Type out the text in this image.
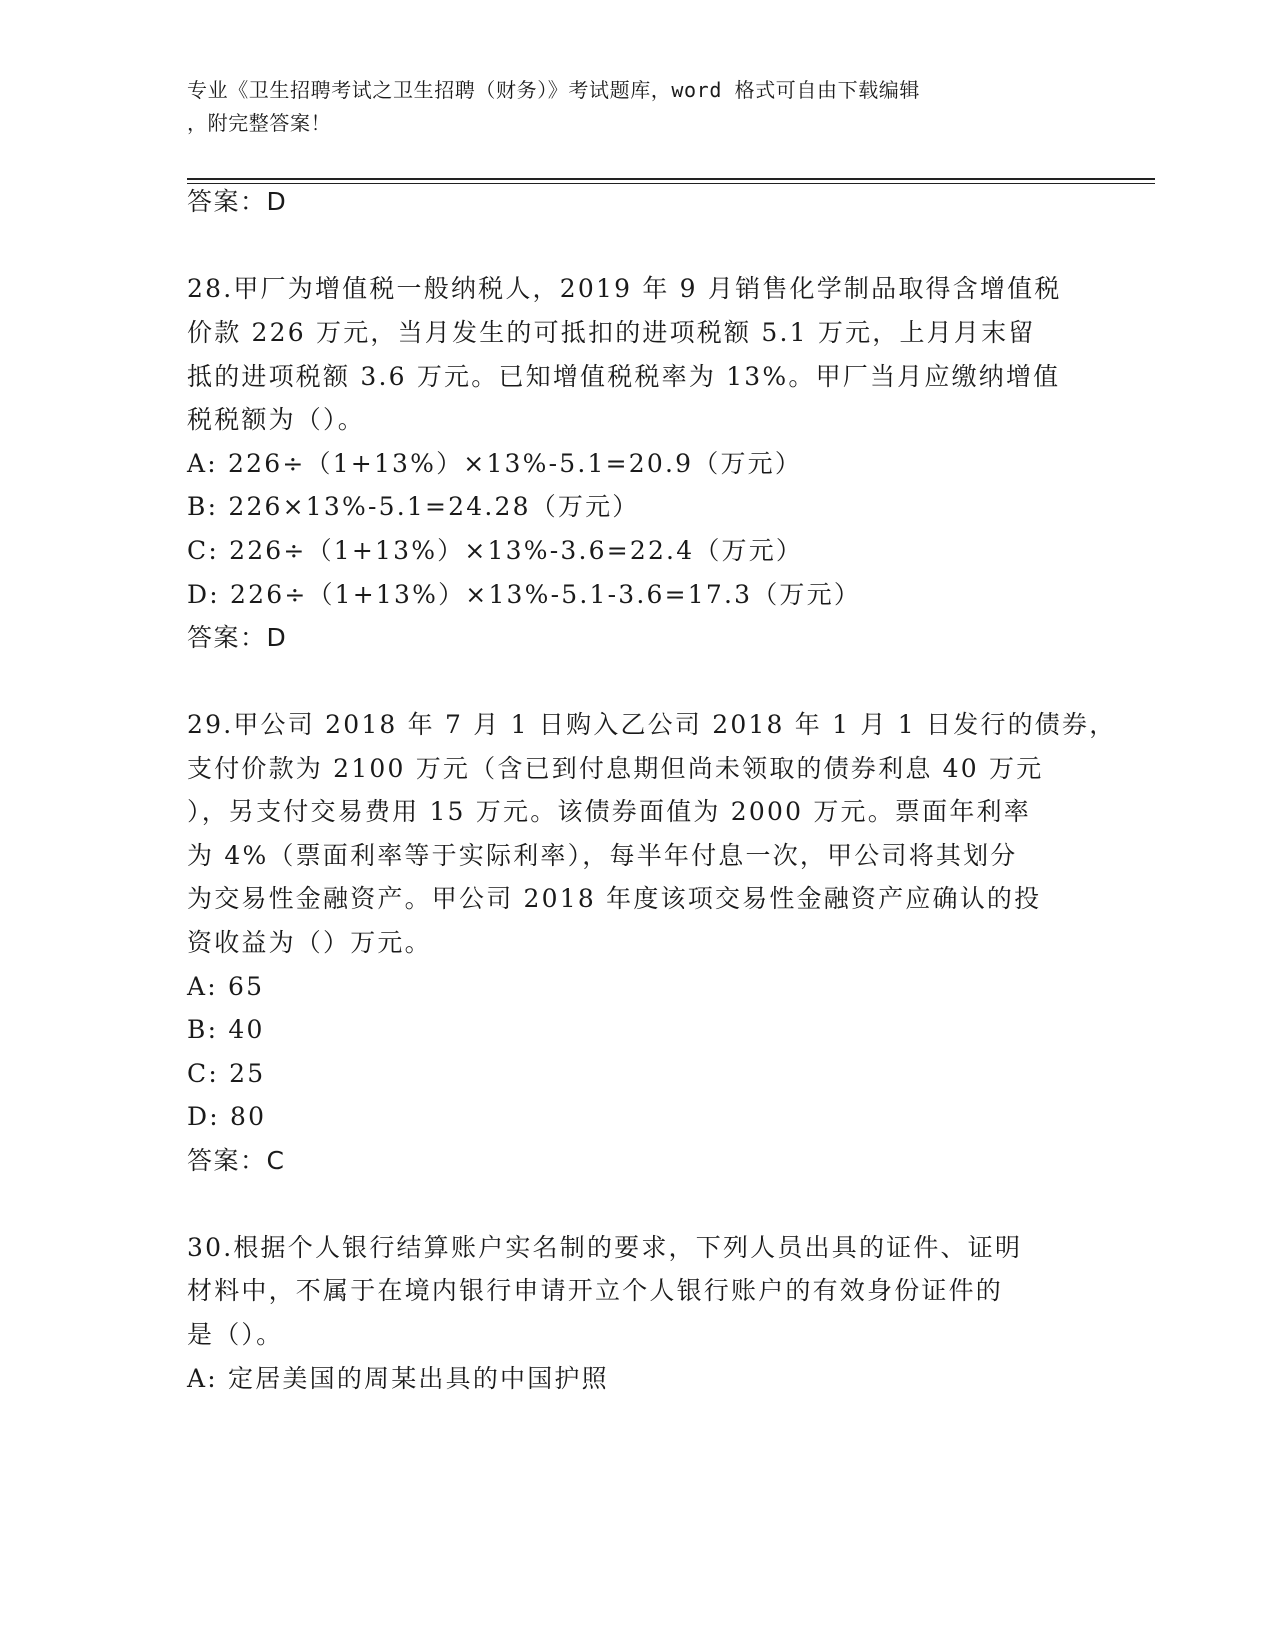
专业《卫生招聘考试之卫生招聘（财务）》考试题库，word 格式可自由下载编辑
，附完整答案！
答案：D
28.甲厂为增值税一般纳税人，2019 年 9 月销售化学制品取得含增值税
价款 226 万元，当月发生的可抵扣的进项税额 5.1 万元，上月月末留
抵的进项税额 3.6 万元。已知增值税税率为 13%。甲厂当月应缴纳增值
税税额为（）。
A: 226÷（1+13%）×13%-5.1=20.9（万元）
B: 226×13%-5.1=24.28（万元）
C: 226÷（1+13%）×13%-3.6=22.4（万元）
D: 226÷（1+13%）×13%-5.1-3.6=17.3（万元）
答案：D
29.甲公司 2018 年 7 月 1 日购入乙公司 2018 年 1 月 1 日发行的债券，
支付价款为 2100 万元（含已到付息期但尚未领取的债券利息 40 万元
），另支付交易费用 15 万元。该债券面值为 2000 万元。票面年利率
为 4%（票面利率等于实际利率），每半年付息一次，甲公司将其划分
为交易性金融资产。甲公司 2018 年度该项交易性金融资产应确认的投
资收益为（）万元。
A: 65
B: 40
C: 25
D: 80
答案：C
30.根据个人银行结算账户实名制的要求，下列人员出具的证件、证明
材料中，不属于在境内银行申请开立个人银行账户的有效身份证件的
是（）。
A: 定居美国的周某出具的中国护照
